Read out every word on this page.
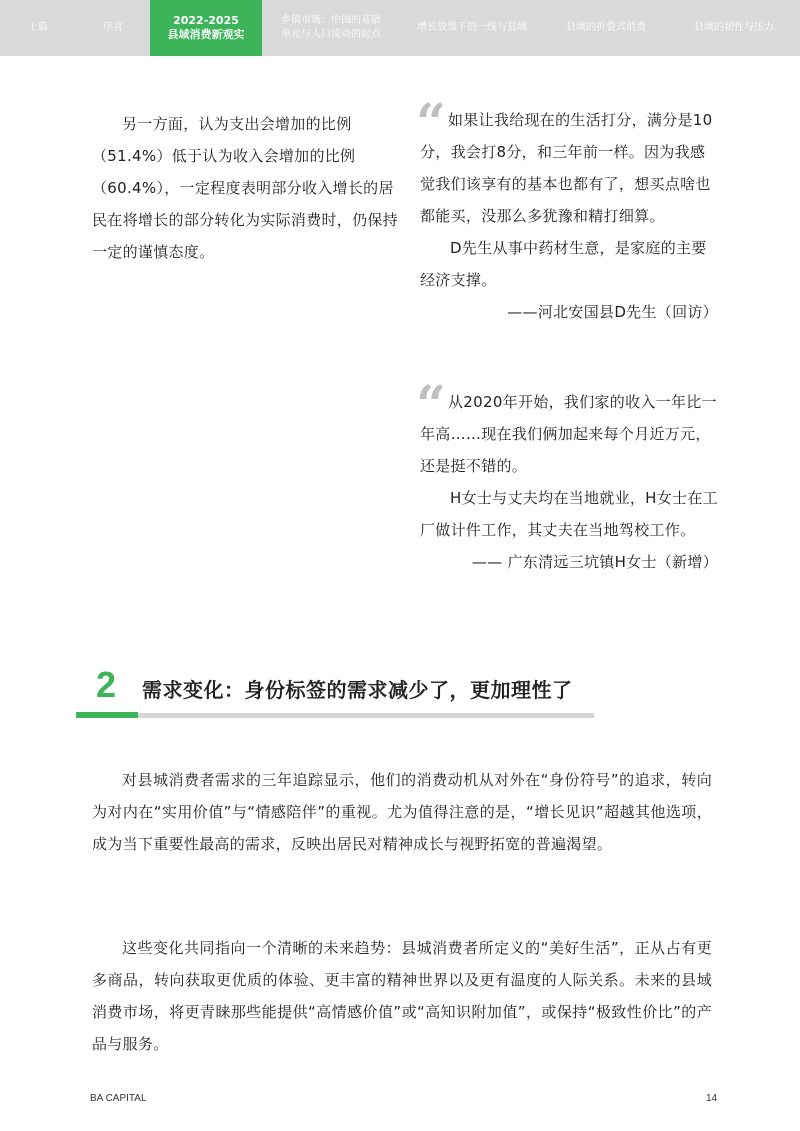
上篇	序言
2022-2025
县域消费新观实
乡镇市场：中国的基础
单元与人口流动的起点
增长放缓下的一线与县域	县域的折叠式消费	县域的韧性与压力

另一方面，认为支出会增加的比例（51.4%）低于认为收入会增加的比例（60.4%），一定程度表明部分收入增长的居民在将增长的部分转化为实际消费时，仍保持一定的谨慎态度。

“ 如果让我给现在的生活打分，满分是10分，我会打8分，和三年前一样。因为我感觉我们该享有的基本也都有了，想买点啥也都能买，没那么多犹豫和精打细算。

D先生从事中药材生意，是家庭的主要经济支撑。

——河北安国县D先生（回访）

“ 从2020年开始，我们家的收入一年比一年高……现在我们俩加起来每个月近万元，还是挺不错的。

H女士与丈夫均在当地就业，H女士在工厂做计件工作，其丈夫在当地驾校工作。

—— 广东清远三坑镇H女士（新增）

2 需求变化：身份标签的需求减少了，更加理性了

对县城消费者需求的三年追踪显示，他们的消费动机从对外在“身份符号”的追求，转向为对内在“实用价值”与“情感陪伴”的重视。尤为值得注意的是，“增长见识”超越其他选项，成为当下重要性最高的需求，反映出居民对精神成长与视野拓宽的普遍渴望。

这些变化共同指向一个清晰的未来趋势：县城消费者所定义的“美好生活”，正从占有更多商品，转向获取更优质的体验、更丰富的精神世界以及更有温度的人际关系。未来的县域消费市场，将更青睐那些能提供“高情感价值”或“高知识附加值”，或保持“极致性价比”的产品与服务。

BA CAPITAL	14
